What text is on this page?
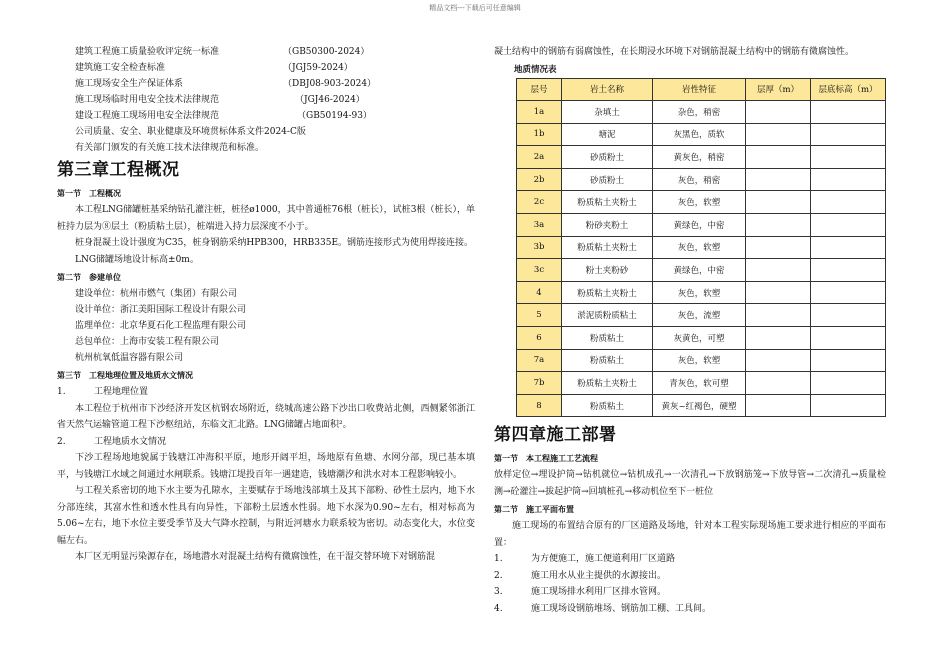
精品文档---下载后可任意编辑
建筑工程施工质量验收评定统一标准	（GB50300-2024）
建筑施工安全检查标准	（JGJ59-2024）
施工现场安全生产保证体系	（DBJ08-903-2024）
施工现场临时用电安全技术法律规范	（JGJ46-2024）
建设工程施工现场用电安全法律规范	（GB50194-93）
公司质量、安全、职业健康及环境贯标体系文件2024-C版
有关部门颁发的有关施工技术法律规范和标准。
第三章工程概况
第一节 工程概况
本工程LNG储罐桩基采纳钻孔灌注桩，桩径ø1000，其中普通桩76根（桩长），试桩3根（桩长），单桩持力层为⑧层土（粉质粘土层），桩端进入持力层深度不小于。
桩身混凝土设计强度为C35，桩身钢筋采纳HPB300，HRB335E。钢筋连接形式为使用焊接连接。
LNG储罐场地设计标高±0m。
第二节 参建单位
建设单位：杭州市燃气（集团）有限公司
设计单位：浙江美阳国际工程设计有限公司
监理单位：北京华夏石化工程监理有限公司
总包单位：上海市安装工程有限公司
杭州杭氧低温容器有限公司
第三节 工程地理位置及地质水文情况
1.	工程地理位置
本工程位于杭州市下沙经济开发区杭钢农场附近，绕城高速公路下沙出口收费站北侧，西侧紧邻浙江省天然气运输管道工程下沙枢纽站，东临文汇北路。LNG储罐占地面积²。
2.	工程地质水文情况
下沙工程场地地貌属于钱塘江冲海积平原，地形开阔平坦，场地原有鱼塘、水网分部，现已基本填平，与钱塘江水域之间通过水闸联系。钱塘江堤投百年一遇建造，钱塘潮汐和洪水对本工程影响较小。
与工程关系密切的地下水主要为孔隙水，主要赋存于场地浅部填土及其下部粉、砂性土层内，地下水分部连续，其富水性和透水性具有向异性，下部粉土层透水性弱。地下水深为0.90~左右，相对标高为5.06~左右，地下水位主要受季节及大气降水控制，与附近河塘水力联系较为密切。动态变化大，水位变幅左右。
本厂区无明显污染源存在，场地潜水对混凝土结构有微腐蚀性，在干湿交替环境下对钢筋混
凝土结构中的钢筋有弱腐蚀性，在长期浸水环境下对钢筋混凝土结构中的钢筋有微腐蚀性。
地质情况表
层号	岩土名称	岩性特征	层厚（m）	层底标高（m）
1a	杂填土	杂色，稍密		
1b	塘泥	灰黑色，质软		
2a	砂质粉土	黄灰色，稍密		
2b	砂质粉土	灰色，稍密		
2c	粉质粘土夹粉土	灰色，软塑		
3a	粉砂夹粉土	黄绿色，中密		
3b	粉质粘土夹粉土	灰色，软塑		
3c	粉土夹粉砂	黄绿色，中密		
4	粉质粘土夹粉土	灰色，软塑		
5	淤泥质粉质粘土	灰色，流塑		
6	粉质粘土	灰黄色，可塑		
7a	粉质粘土	灰色，软塑		
7b	粉质粘土夹粉土	青灰色，软可塑		
8	粉质粘土	黄灰~红褐色，硬塑		
第四章施工部署
第一节 本工程施工工艺流程
放样定位→埋设护筒→钻机就位→钻机成孔→一次清孔→下放钢筋笼→下放导管→二次清孔→质量检测→砼灌注→拔起护筒→回填桩孔→移动机位至下一桩位
第二节 施工平面布置
施工现场的布置结合原有的厂区道路及场地，针对本工程实际现场施工要求进行相应的平面布置：
1.	为方便施工，施工便道利用厂区道路
2.	施工用水从业主提供的水源接出。
3.	施工现场排水利用厂区排水管网。
4.	施工现场设钢筋堆场、钢筋加工棚、工具间。
